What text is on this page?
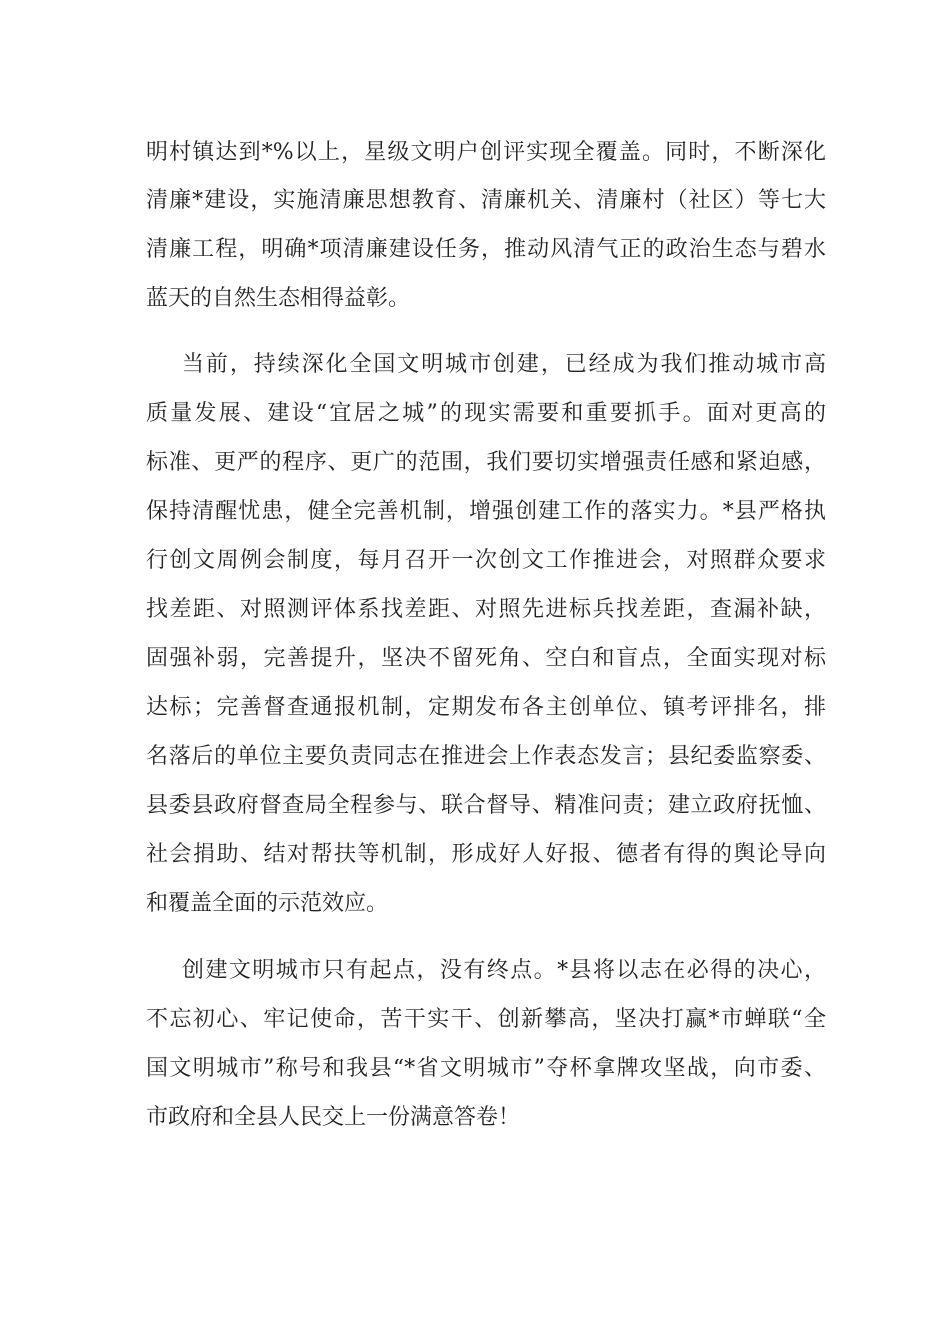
明村镇达到*%以上，星级文明户创评实现全覆盖。同时，不断深化
清廉*建设，实施清廉思想教育、清廉机关、清廉村（社区）等七大
清廉工程，明确*项清廉建设任务，推动风清气正的政治生态与碧水
蓝天的自然生态相得益彰。
当前，持续深化全国文明城市创建，已经成为我们推动城市高
质量发展、建设“宜居之城”的现实需要和重要抓手。面对更高的
标准、更严的程序、更广的范围，我们要切实增强责任感和紧迫感，
保持清醒忧患，健全完善机制，增强创建工作的落实力。*县严格执
行创文周例会制度，每月召开一次创文工作推进会，对照群众要求
找差距、对照测评体系找差距、对照先进标兵找差距，查漏补缺，
固强补弱，完善提升，坚决不留死角、空白和盲点，全面实现对标
达标；完善督查通报机制，定期发布各主创单位、镇考评排名，排
名落后的单位主要负责同志在推进会上作表态发言；县纪委监察委、
县委县政府督查局全程参与、联合督导、精准问责；建立政府抚恤、
社会捐助、结对帮扶等机制，形成好人好报、德者有得的舆论导向
和覆盖全面的示范效应。
创建文明城市只有起点，没有终点。*县将以志在必得的决心，
不忘初心、牢记使命，苦干实干、创新攀高，坚决打赢*市蝉联“全
国文明城市”称号和我县“*省文明城市”夺杯拿牌攻坚战，向市委、
市政府和全县人民交上一份满意答卷！
